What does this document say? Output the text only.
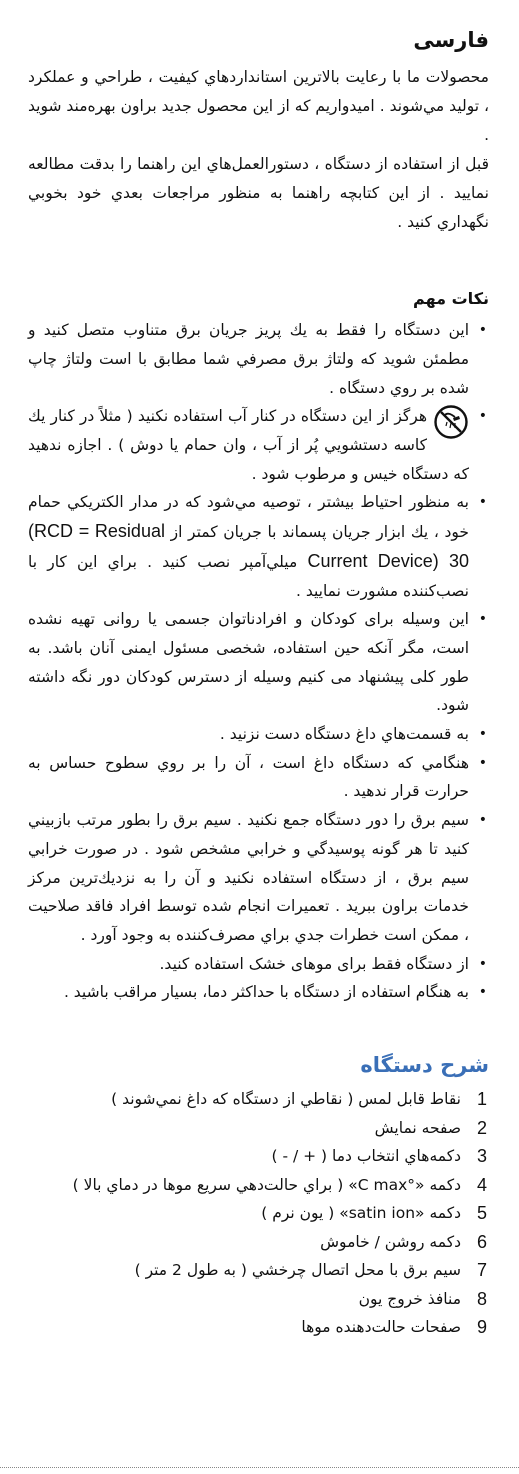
فارسی

محصولات ما با رعايت بالاترين استانداردهاي كيفيت ، طراحي و عملكرد ، توليد مي‌شوند . اميدواريم كه از اين محصول جديد براون بهره‌مند شويد .

قبل از استفاده از دستگاه ، دستورالعمل‌هاي اين راهنما را بدقت مطالعه نماييد . از اين كتابچه راهنما به منظور مراجعات بعدي خود بخوبي نگهداري كنيد .

نكات مهم
• اين دستگاه را فقط به يك پريز جريان برق متناوب متصل كنيد و مطمئن شويد كه ولتاژ برق مصرفي شما مطابق با است ولتاژ چاپ شده بر روي دستگاه .
• هرگز از اين دستگاه در كنار آب استفاده نكنيد ( مثلاً در كنار يك كاسه دستشويي پُر از آب ، وان حمام يا دوش ) . اجازه ندهيد كه دستگاه خيس و مرطوب شود .
• به منظور احتياط بيشتر ، توصيه مي‌شود كه در مدار الكتريكي حمام خود ، يك ابزار جريان پسماند با جريان كمتر از (RCD = Residual Current Device) 30 ميلي‌آمپر نصب كنيد . براي اين كار با نصب‌كننده مشورت نماييد .
• اين وسيله برای کودکان و افرادناتوان جسمی يا روانی تهيه نشده است، مگر آنکه حين استفاده، شخصی مسئول ايمنی آنان باشد. به طور کلی پيشنهاد می کنيم وسيله از دسترس کودکان دور نگه داشته شود.
• به قسمت‌هاي داغ دستگاه دست نزنيد .
• هنگامي كه دستگاه داغ است ، آن را بر روي سطوح حساس به حرارت قرار ندهيد .
• سيم برق را دور دستگاه جمع نكنيد . سيم برق را بطور مرتب بازبيني كنيد تا هر گونه پوسيدگي و خرابي مشخص شود . در صورت خرابي سيم برق ، از دستگاه استفاده نكنيد و آن را به نزديك‌ترين مركز خدمات براون ببريد . تعميرات انجام شده توسط افراد فاقد صلاحيت ، ممكن است خطرات جدي براي مصرف‌كننده به وجود آورد .
• از دستگاه فقط برای موهای خشک استفاده کنيد.
• به هنگام استفاده از دستگاه با حداکثر دما، بسيار مراقب باشيد .
شرح دستگاه
1
نقاط قابل لمس ( نقاطي از دستگاه كه داغ نمي‌شوند )
2
صفحه نمايش
3
دكمه‌هاي انتخاب دما ( + / - )
4
دكمه «°C max» ( براي حالت‌دهي سريع موها در دماي بالا )
5
دكمه «satin ion» ( يون نرم )
6
دكمه روشن / خاموش
7
سيم برق با محل اتصال چرخشي ( به طول 2 متر )
8
منافذ خروج يون
9
صفحات حالت‌دهنده موها
